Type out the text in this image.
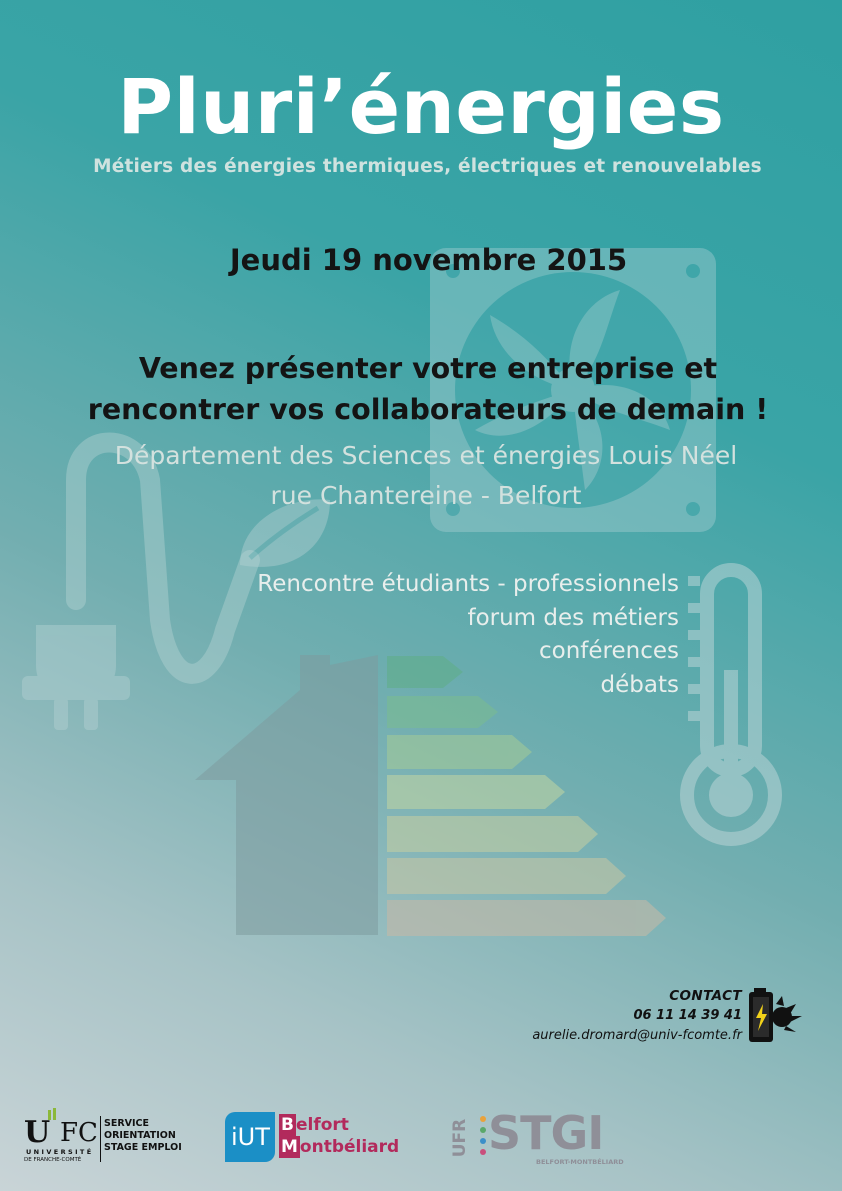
Pluri’énergies
Métiers des énergies thermiques, électriques et renouvelables
Jeudi 19 novembre 2015
Venez présenter votre entreprise et
rencontrer vos collaborateurs de demain !
Département des Sciences et énergies Louis Néel
rue Chantereine - Belfort
Rencontre étudiants - professionnels
forum des métiers
conférences
débats
CONTACT
06 11 14 39 41
aurelie.dromard@univ-fcomte.fr
U FC
UNIVERSITÉ
DE FRANCHE-COMTÉ
SERVICE
ORIENTATION
STAGE EMPLOI iUT B elfort
M ontbéliard	UFR STGI
BELFORT-MONTBÉLIARD
